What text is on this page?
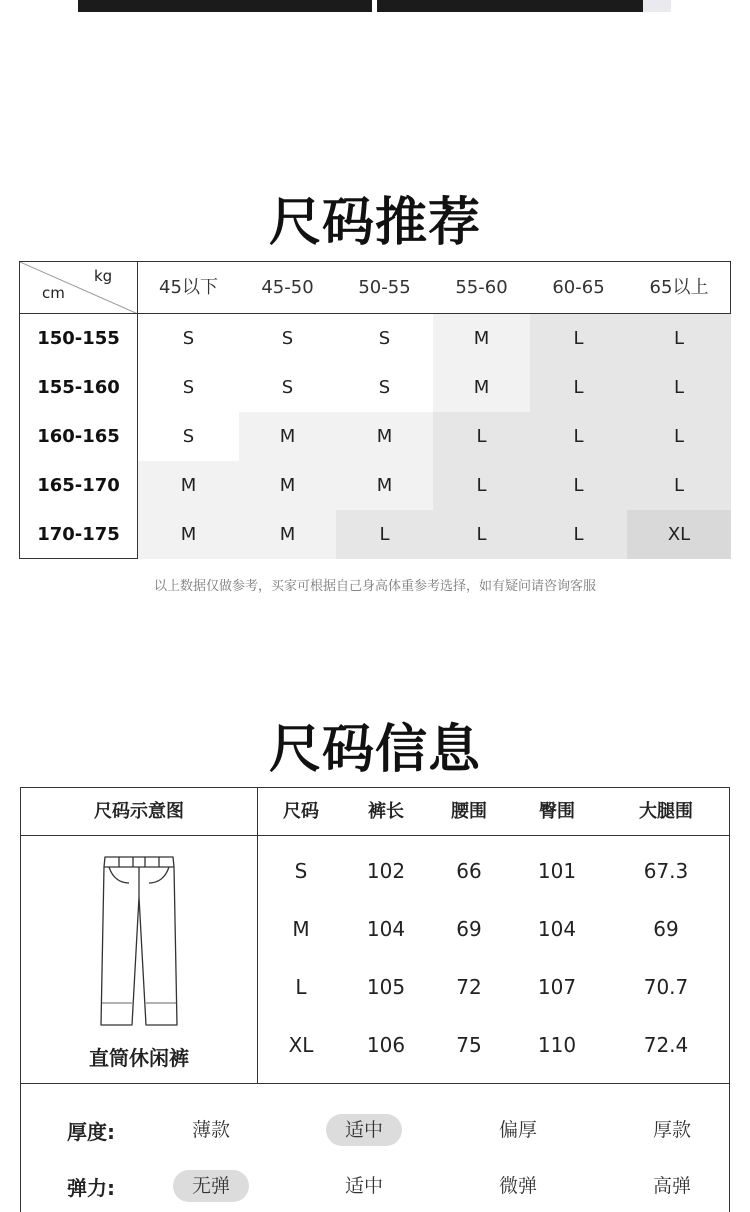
尺码推荐
kg
cm	45以下	45-50	50-55	55-60	60-65	65以上
150-155	S	S	S	M	L	L
155-160	S	S	S	M	L	L
160-165	S	M	M	L	L	L
165-170	M	M	M	L	L	L
170-175	M	M	L	L	L	XL
以上数据仅做参考，买家可根据自己身高体重参考选择，如有疑问请咨询客服
尺码信息
尺码示意图	尺码	裤长	腰围	臀围	大腿围
直筒休闲裤
S	102	66	101	67.3
M	104	69	104	69
L	105	72	107	70.7
XL	106	75	110	72.4
厚度:	薄款	适中	偏厚	厚款
弹力:	无弹	适中	微弹	高弹
